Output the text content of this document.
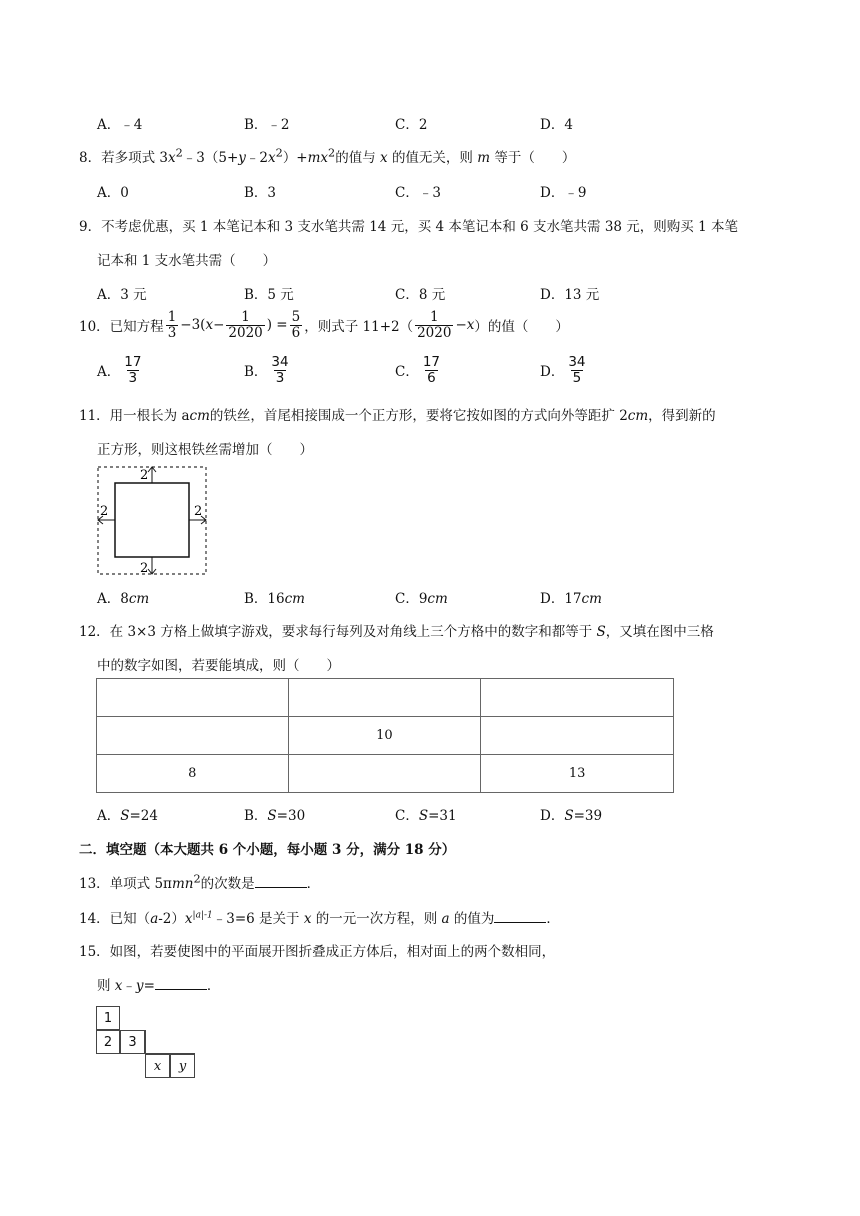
A．﹣4	B．﹣2	C．2	D．4
8．若多项式 $3x^2﹣3(5+y﹣2x^2)+mx^2$的值与 x 的值无关，则 m 等于（　　）
A．0	B．3	C．﹣3	D．﹣9
9．不考虑优惠，买 1 本笔记本和 3 支水笔共需 14 元，买 4 本笔记本和 6 支水笔共需 38 元，则购买 1 本笔
记本和 1 支水笔共需（　　）
A．3 元	B．5 元	C．8 元	D．13 元
10．已知方程 $\frac{1}{3} -3$( $x - \frac{1}{2020}$ ) = $\frac{5}{6}$ ，则式子 $11+2( \frac{1}{2020} - x$ ）的值（　　）
A． $\frac{17}{3}$	B． $\frac{34}{3}$	C． $\frac{17}{6}$	D． $\frac{34}{5}$
11．用一根长为 acm的铁丝，首尾相接围成一个正方形，要将它按如图的方式向外等距扩 2cm，得到新的
正方形，则这根铁丝需增加（　　）
2
2	2
2
A．8cm	B．16cm	C．9cm	D．17cm
12．在 3×3 方格上做填字游戏，要求每行每列及对角线上三个方格中的数字和都等于 S，又填在图中三格
中的数字如图，若要能填成，则（　　）

	10	
8		13
A．S=24	B．S=30	C．S=31	D．S=39
二．填空题（本大题共 6 个小题，每小题 3 分，满分 18 分）
13．单项式 5πmn$^2$的次数是	．
14．已知$(a-2)x^{|a|-1}﹣3=6$ 是关于 x 的一元一次方程，则 a 的值为	．
15．如图，若要使图中的平面展开图折叠成正方体后，相对面上的两个数相同，
则 x﹣y=	．
1
2	3
x	y
